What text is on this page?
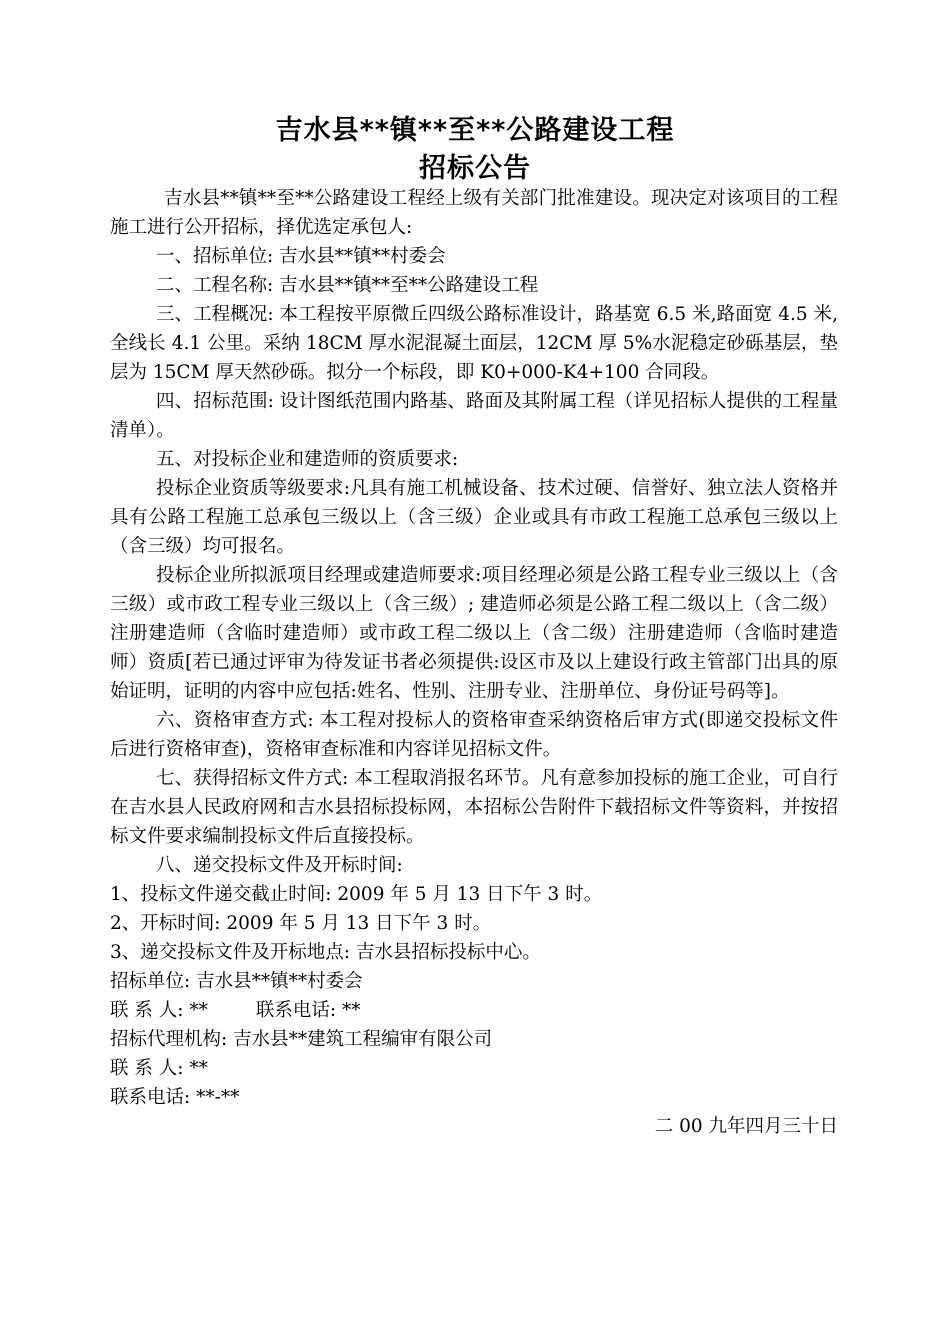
吉水县**镇**至**公路建设工程
招标公告

吉水县**镇**至**公路建设工程经上级有关部门批准建设。现决定对该项目的工程施工进行公开招标，择优选定承包人:

一、招标单位: 吉水县**镇**村委会

二、工程名称: 吉水县**镇**至**公路建设工程

三、工程概况: 本工程按平原微丘四级公路标准设计，路基宽 6.5 米,路面宽 4.5 米,全线长 4.1 公里。采纳 18CM 厚水泥混凝土面层，12CM 厚 5%水泥稳定砂砾基层，垫层为 15CM 厚天然砂砾。拟分一个标段，即 K0+000-K4+100 合同段。

四、招标范围: 设计图纸范围内路基、路面及其附属工程（详见招标人提供的工程量清单）。

五、对投标企业和建造师的资质要求:

投标企业资质等级要求:凡具有施工机械设备、技术过硬、信誉好、独立法人资格并具有公路工程施工总承包三级以上（含三级）企业或具有市政工程施工总承包三级以上（含三级）均可报名。

投标企业所拟派项目经理或建造师要求:项目经理必须是公路工程专业三级以上（含三级）或市政工程专业三级以上（含三级）; 建造师必须是公路工程二级以上（含二级）注册建造师（含临时建造师）或市政工程二级以上（含二级）注册建造师（含临时建造师）资质[若已通过评审为待发证书者必须提供:设区市及以上建设行政主管部门出具的原始证明，证明的内容中应包括:姓名、性别、注册专业、注册单位、身份证号码等]。

六、资格审查方式: 本工程对投标人的资格审查采纳资格后审方式(即递交投标文件后进行资格审查)，资格审查标准和内容详见招标文件。

七、获得招标文件方式: 本工程取消报名环节。凡有意参加投标的施工企业，可自行在吉水县人民政府网和吉水县招标投标网，本招标公告附件下载招标文件等资料，并按招标文件要求编制投标文件后直接投标。

八、递交投标文件及开标时间:

1、投标文件递交截止时间: 2009 年 5 月 13 日下午 3 时。

2、开标时间: 2009 年 5 月 13 日下午 3 时。

3、递交投标文件及开标地点: 吉水县招标投标中心。

招标单位: 吉水县**镇**村委会

联 系 人: **	联系电话: **

招标代理机构: 吉水县**建筑工程编审有限公司

联 系 人: **

联系电话: **-**

二 00 九年四月三十日
